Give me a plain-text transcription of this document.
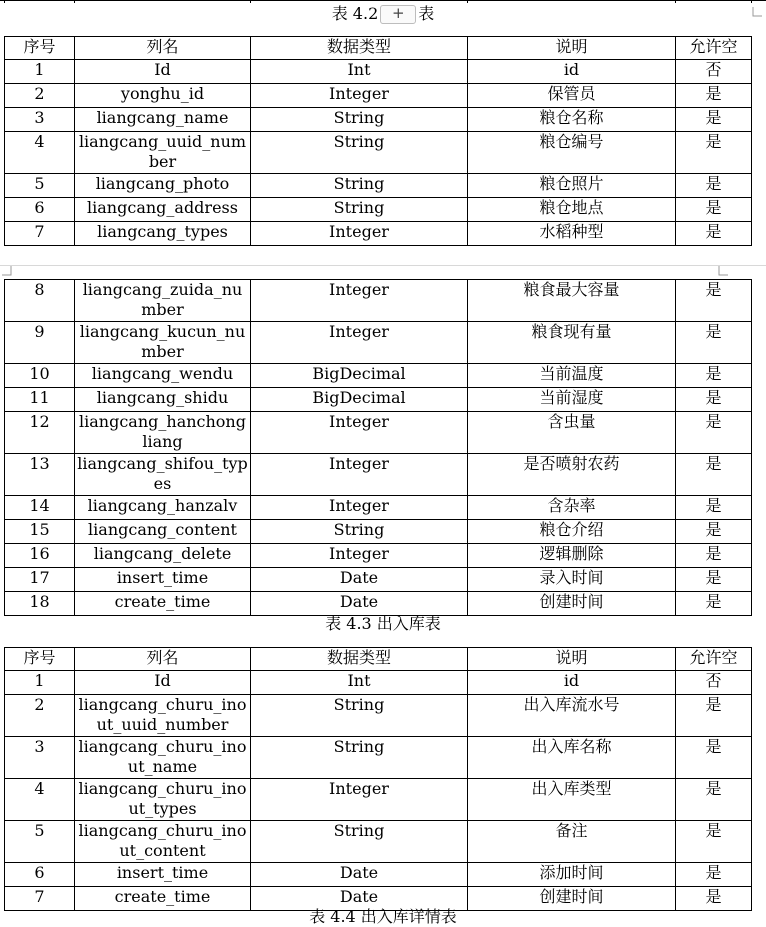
表 4.2 + 表
序号	列名	数据类型	说明	允许空
1	Id	Int	id	否
2	yonghu_id	Integer	保管员	是
3	liangcang_name	String	粮仓名称	是
4	liangcang_uuid_number	String	粮仓编号	是
5	liangcang_photo	String	粮仓照片	是
6	liangcang_address	String	粮仓地点	是
7	liangcang_types	Integer	水稻种型	是
8	liangcang_zuida_number	Integer	粮食最大容量	是
9	liangcang_kucun_number	Integer	粮食现有量	是
10	liangcang_wendu	BigDecimal	当前温度	是
11	liangcang_shidu	BigDecimal	当前湿度	是
12	liangcang_hanchongliang	Integer	含虫量	是
13	liangcang_shifou_types	Integer	是否喷射农药	是
14	liangcang_hanzalv	Integer	含杂率	是
15	liangcang_content	String	粮仓介绍	是
16	liangcang_delete	Integer	逻辑删除	是
17	insert_time	Date	录入时间	是
18	create_time	Date	创建时间	是
表 4.3 出入库表
序号	列名	数据类型	说明	允许空
1	Id	Int	id	否
2	liangcang_churu_inout_uuid_number	String	出入库流水号	是
3	liangcang_churu_inout_name	String	出入库名称	是
4	liangcang_churu_inout_types	Integer	出入库类型	是
5	liangcang_churu_inout_content	String	备注	是
6	insert_time	Date	添加时间	是
7	create_time	Date	创建时间	是
表 4.4 出入库详情表
